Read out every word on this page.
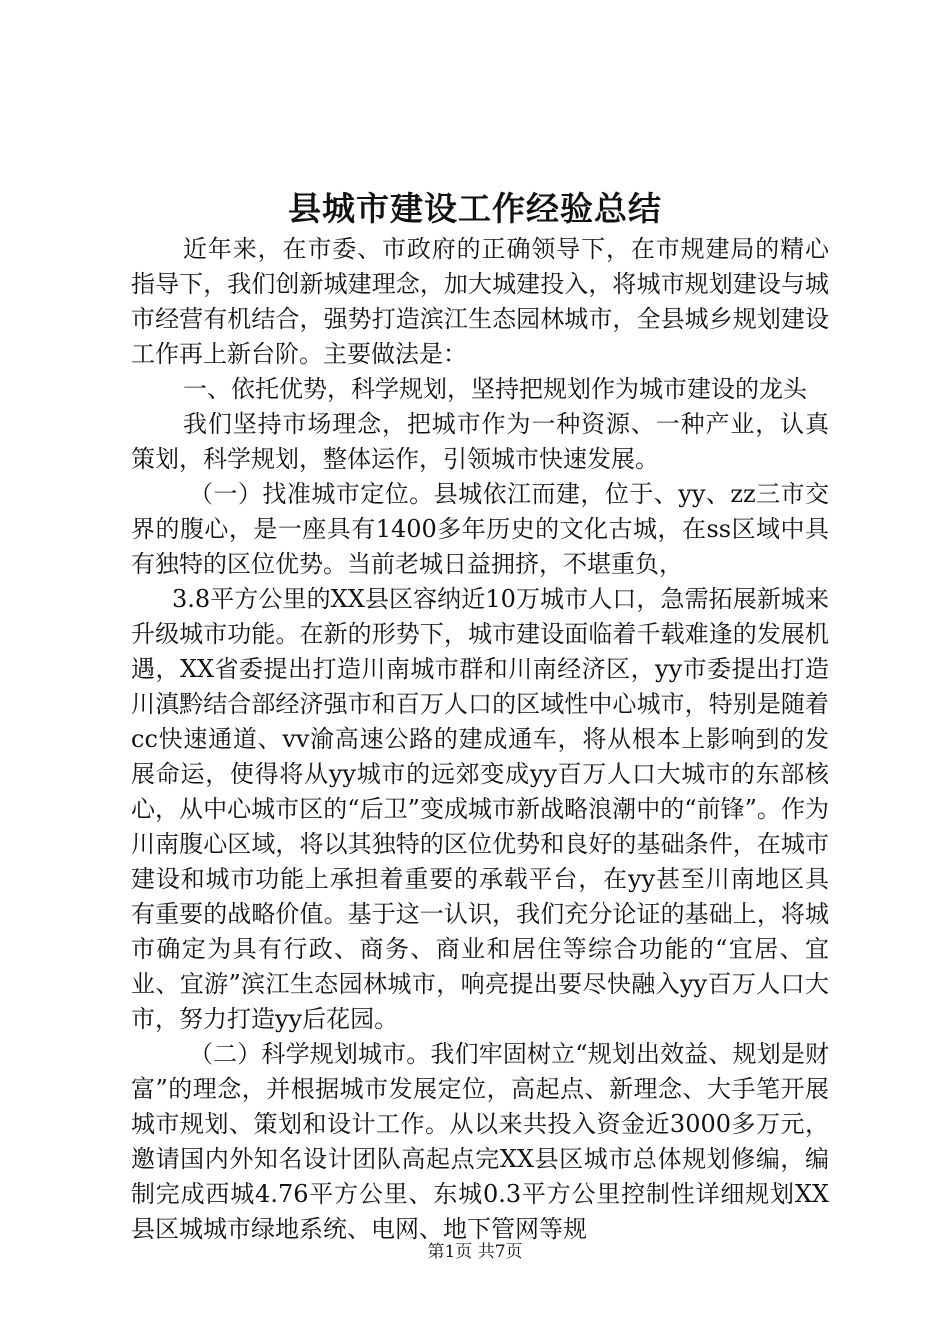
县城市建设工作经验总结

近年来，在市委、市政府的正确领导下，在市规建局的精心指导下，我们创新城建理念，加大城建投入，将城市规划建设与城市经营有机结合，强势打造滨江生态园林城市，全县城乡规划建设工作再上新台阶。主要做法是：

一、依托优势，科学规划，坚持把规划作为城市建设的龙头

我们坚持市场理念，把城市作为一种资源、一种产业，认真策划，科学规划，整体运作，引领城市快速发展。

（一）找准城市定位。县城依江而建，位于、yy、zz三市交界的腹心，是一座具有1400多年历史的文化古城，在ss区域中具有独特的区位优势。当前老城日益拥挤，不堪重负，

3.8平方公里的XX县区容纳近10万城市人口，急需拓展新城来升级城市功能。在新的形势下，城市建设面临着千载难逢的发展机遇，XX省委提出打造川南城市群和川南经济区，yy市委提出打造川滇黔结合部经济强市和百万人口的区域性中心城市，特别是随着cc快速通道、vv渝高速公路的建成通车，将从根本上影响到的发展命运，使得将从yy城市的远郊变成yy百万人口大城市的东部核心，从中心城市区的“后卫”变成城市新战略浪潮中的“前锋”。作为川南腹心区域，将以其独特的区位优势和良好的基础条件，在城市建设和城市功能上承担着重要的承载平台，在yy甚至川南地区具有重要的战略价值。基于这一认识，我们充分论证的基础上，将城市确定为具有行政、商务、商业和居住等综合功能的“宜居、宜业、宜游”滨江生态园林城市，响亮提出要尽快融入yy百万人口大市，努力打造yy后花园。

（二）科学规划城市。我们牢固树立“规划出效益、规划是财富”的理念，并根据城市发展定位，高起点、新理念、大手笔开展城市规划、策划和设计工作。从以来共投入资金近3000多万元，邀请国内外知名设计团队高起点完XX县区城市总体规划修编，编制完成西城4.76平方公里、东城0.3平方公里控制性详细规划XX县区城城市绿地系统、电网、地下管网等规

第1页 共7页
